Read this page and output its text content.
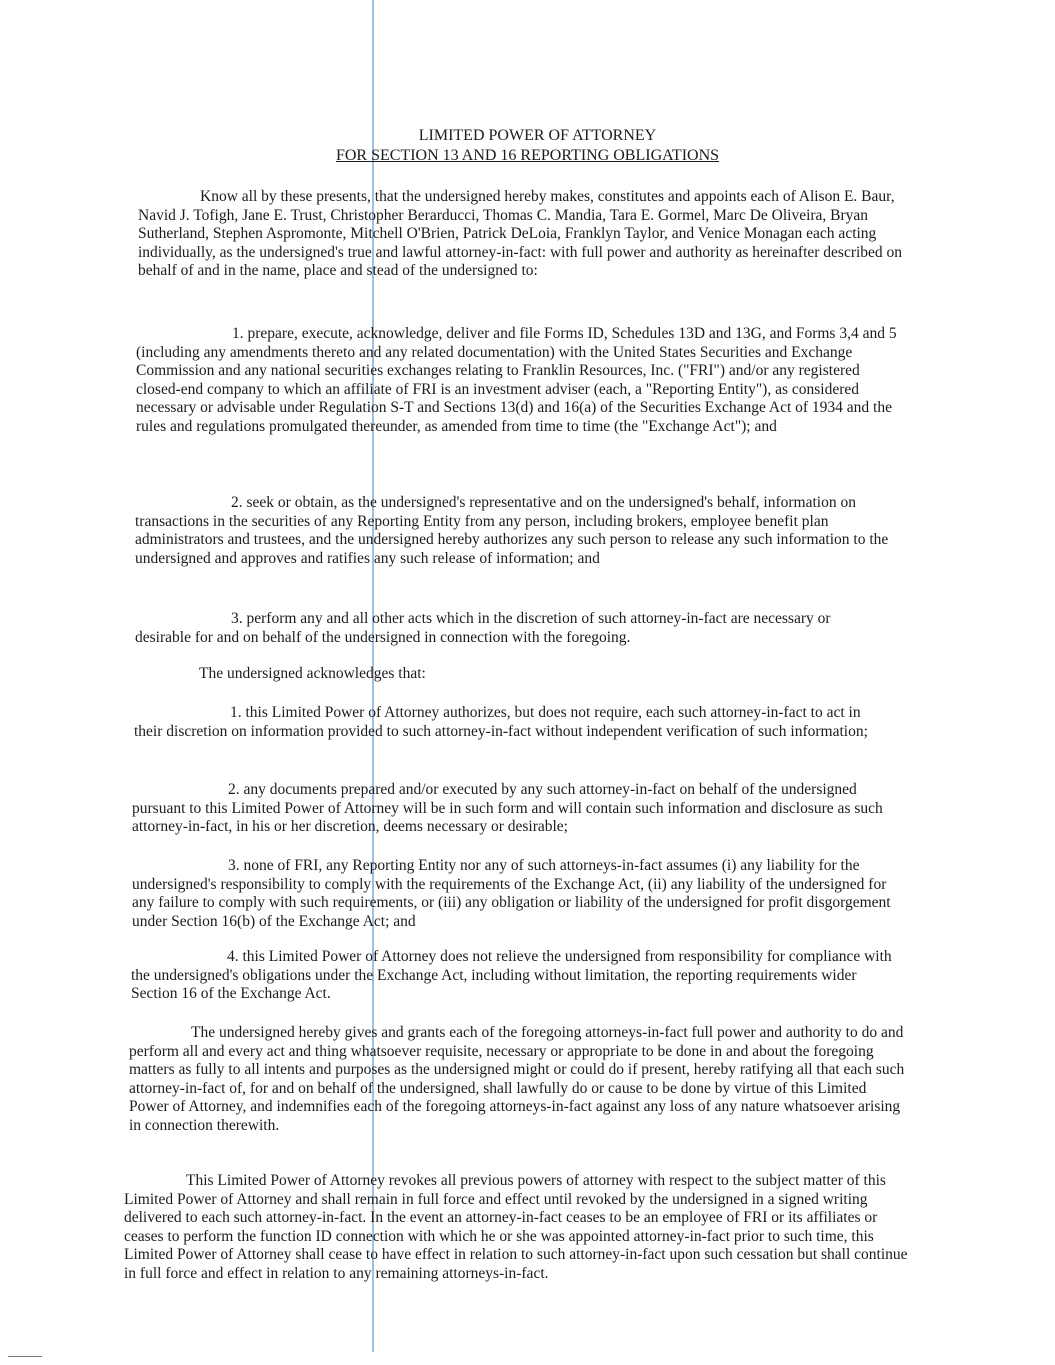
LIMITED POWER OF ATTORNEY
FOR SECTION 13 AND 16 REPORTING OBLIGATIONS

Know all by these presents, that the undersigned hereby makes, constitutes and appoints each of Alison E. Baur, Navid J. Tofigh, Jane E. Trust, Christopher Berarducci, Thomas C. Mandia, Tara E. Gormel, Marc De Oliveira, Bryan Sutherland, Stephen Aspromonte, Mitchell O'Brien, Patrick DeLoia, Franklyn Taylor, and Venice Monagan each acting individually, as the undersigned's true and lawful attorney-in-fact: with full power and authority as hereinafter described on behalf of and in the name, place and stead of the undersigned to:

1. prepare, execute, acknowledge, deliver and file Forms ID, Schedules 13D and 13G, and Forms 3,4 and 5 (including any amendments thereto and any related documentation) with the United States Securities and Exchange Commission and any national securities exchanges relating to Franklin Resources, Inc. ("FRI") and/or any registered closed-end company to which an affiliate of FRI is an investment adviser (each, a "Reporting Entity"), as considered necessary or advisable under Regulation S-T and Sections 13(d) and 16(a) of the Securities Exchange Act of 1934 and the rules and regulations promulgated thereunder, as amended from time to time (the "Exchange Act"); and

2. seek or obtain, as the undersigned's representative and on the undersigned's behalf, information on transactions in the securities of any Reporting Entity from any person, including brokers, employee benefit plan administrators and trustees, and the undersigned hereby authorizes any such person to release any such information to the undersigned and approves and ratifies any such release of information; and

3. perform any and all other acts which in the discretion of such attorney-in-fact are necessary or desirable for and on behalf of the undersigned in connection with the foregoing.

The undersigned acknowledges that:

1. this Limited Power of Attorney authorizes, but does not require, each such attorney-in-fact to act in their discretion on information provided to such attorney-in-fact without independent verification of such information;

2. any documents prepared and/or executed by any such attorney-in-fact on behalf of the undersigned pursuant to this Limited Power of Attorney will be in such form and will contain such information and disclosure as such attorney-in-fact, in his or her discretion, deems necessary or desirable;

3. none of FRI, any Reporting Entity nor any of such attorneys-in-fact assumes (i) any liability for the undersigned's responsibility to comply with the requirements of the Exchange Act, (ii) any liability of the undersigned for any failure to comply with such requirements, or (iii) any obligation or liability of the undersigned for profit disgorgement under Section 16(b) of the Exchange Act; and

4. this Limited Power of Attorney does not relieve the undersigned from responsibility for compliance with the undersigned's obligations under the Exchange Act, including without limitation, the reporting requirements wider Section 16 of the Exchange Act.

The undersigned hereby gives and grants each of the foregoing attorneys-in-fact full power and authority to do and perform all and every act and thing whatsoever requisite, necessary or appropriate to be done in and about the foregoing matters as fully to all intents and purposes as the undersigned might or could do if present, hereby ratifying all that each such attorney-in-fact of, for and on behalf of the undersigned, shall lawfully do or cause to be done by virtue of this Limited Power of Attorney, and indemnifies each of the foregoing attorneys-in-fact against any loss of any nature whatsoever arising in connection therewith.

This Limited Power of Attorney revokes all previous powers of attorney with respect to the subject matter of this Limited Power of Attorney and shall remain in full force and effect until revoked by the undersigned in a signed writing delivered to each such attorney-in-fact. In the event an attorney-in-fact ceases to be an employee of FRI or its affiliates or ceases to perform the function ID connection with which he or she was appointed attorney-in-fact prior to such time, this Limited Power of Attorney shall cease to have effect in relation to such attorney-in-fact upon such cessation but shall continue in full force and effect in relation to any remaining attorneys-in-fact.
